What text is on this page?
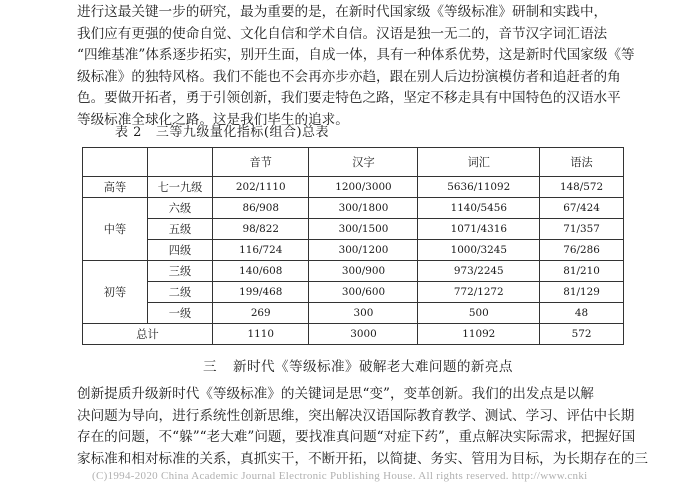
进行这最关键一步的研究，最为重要的是，在新时代国家级《等级标准》研制和实践中，
我们应有更强的使命自觉、文化自信和学术自信。汉语是独一无二的，音节汉字词汇语法
“四维基准”体系逐步拓实，别开生面，自成一体，具有一种体系优势，这是新时代国家级《等
级标准》的独特风格。我们不能也不会再亦步亦趋，跟在别人后边扮演模仿者和追赶者的角
色。要做开拓者，勇于引领创新，我们要走特色之路，坚定不移走具有中国特色的汉语水平
等级标准全球化之路。这是我们毕生的追求。
表 2 三等九级量化指标(组合)总表
		音节	汉字	词汇	语法
高等	七一九级	202/1110	1200/3000	5636/11092	148/572
中等	六级	86/908	300/1800	1140/5456	67/424
	五级	98/822	300/1500	1071/4316	71/357
	四级	116/724	300/1200	1000/3245	76/286
初等	三级	140/608	300/900	973/2245	81/210
	二级	199/468	300/600	772/1272	81/129
	一级	269	300	500	48
总计		1110	3000	11092	572
三 新时代《等级标准》破解老大难问题的新亮点
创新提质升级新时代《等级标准》的关键词是思“变”，变革创新。我们的出发点是以解
决问题为导向，进行系统性创新思维，突出解决汉语国际教育教学、测试、学习、评估中长期
存在的问题，不“躲”“老大难”问题，要找准真问题“对症下药”，重点解决实际需求，把握好国
家标准和相对标准的关系，真抓实干，不断开拓，以简捷、务实、管用为目标，为长期存在的三
(C)1994-2020 China Academic Journal Electronic Publishing House. All rights reserved. http://www.cnki
